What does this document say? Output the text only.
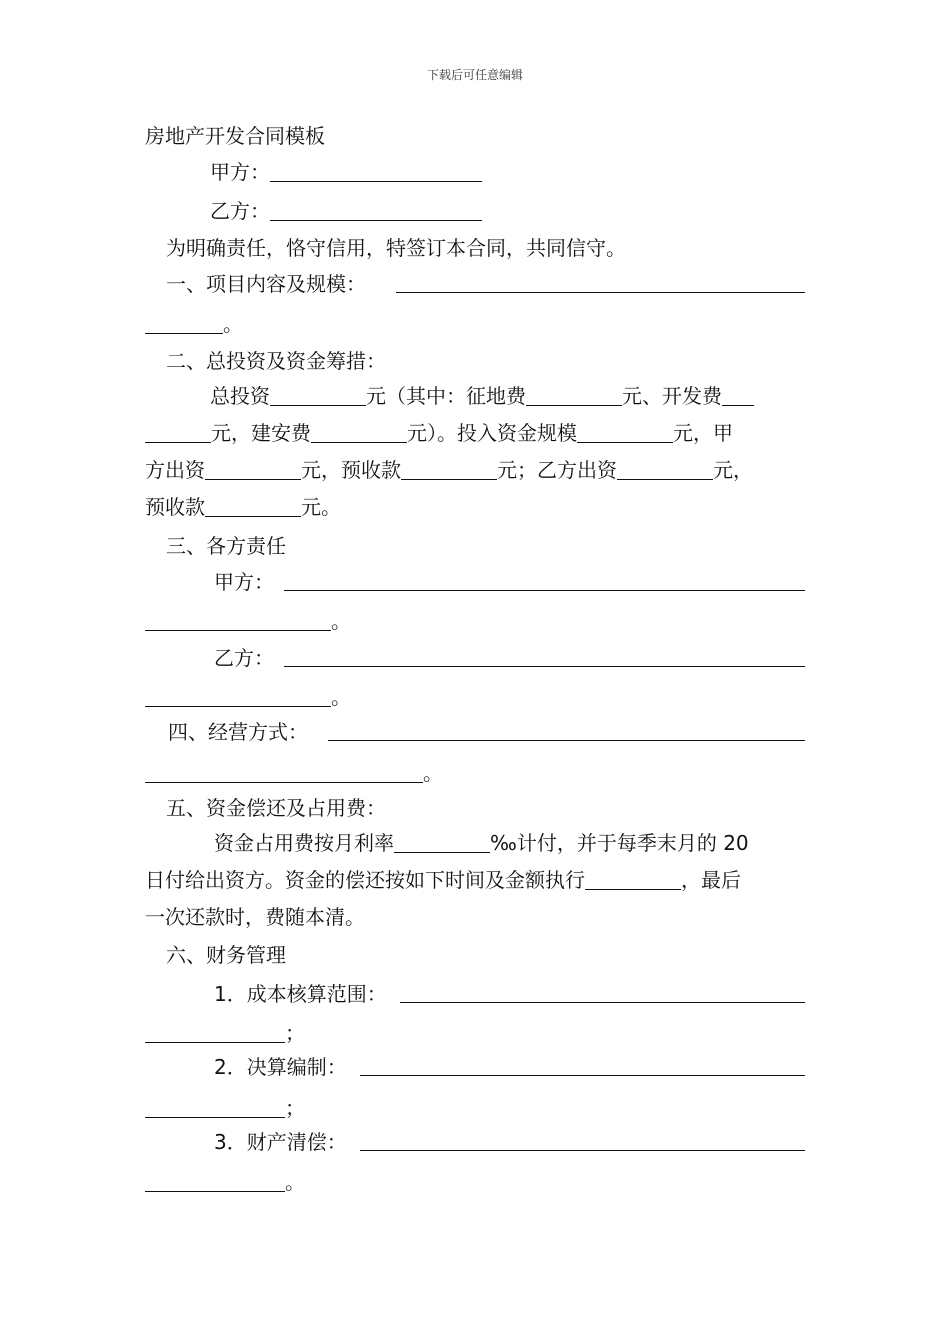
下载后可任意编辑
房地产开发合同模板
甲方：
乙方：
为明确责任，恪守信用，特签订本合同，共同信守。
一、项目内容及规模：
。
二、总投资及资金筹措：
总投资	元（其中：征地费	元、开发费
元，建安费	元）。投入资金规模	元，甲
方出资	元，预收款	元；乙方出资	元，
预收款	元。
三、各方责任
甲方：
。
乙方：
。
四、经营方式：
。
五、资金偿还及占用费：
资金占用费按月利率	‰计付，并于每季末月的 20
日付给出资方。资金的偿还按如下时间及金额执行	，最后
一次还款时，费随本清。
六、财务管理
1．成本核算范围：
；
2．决算编制：
；
3．财产清偿：
。
